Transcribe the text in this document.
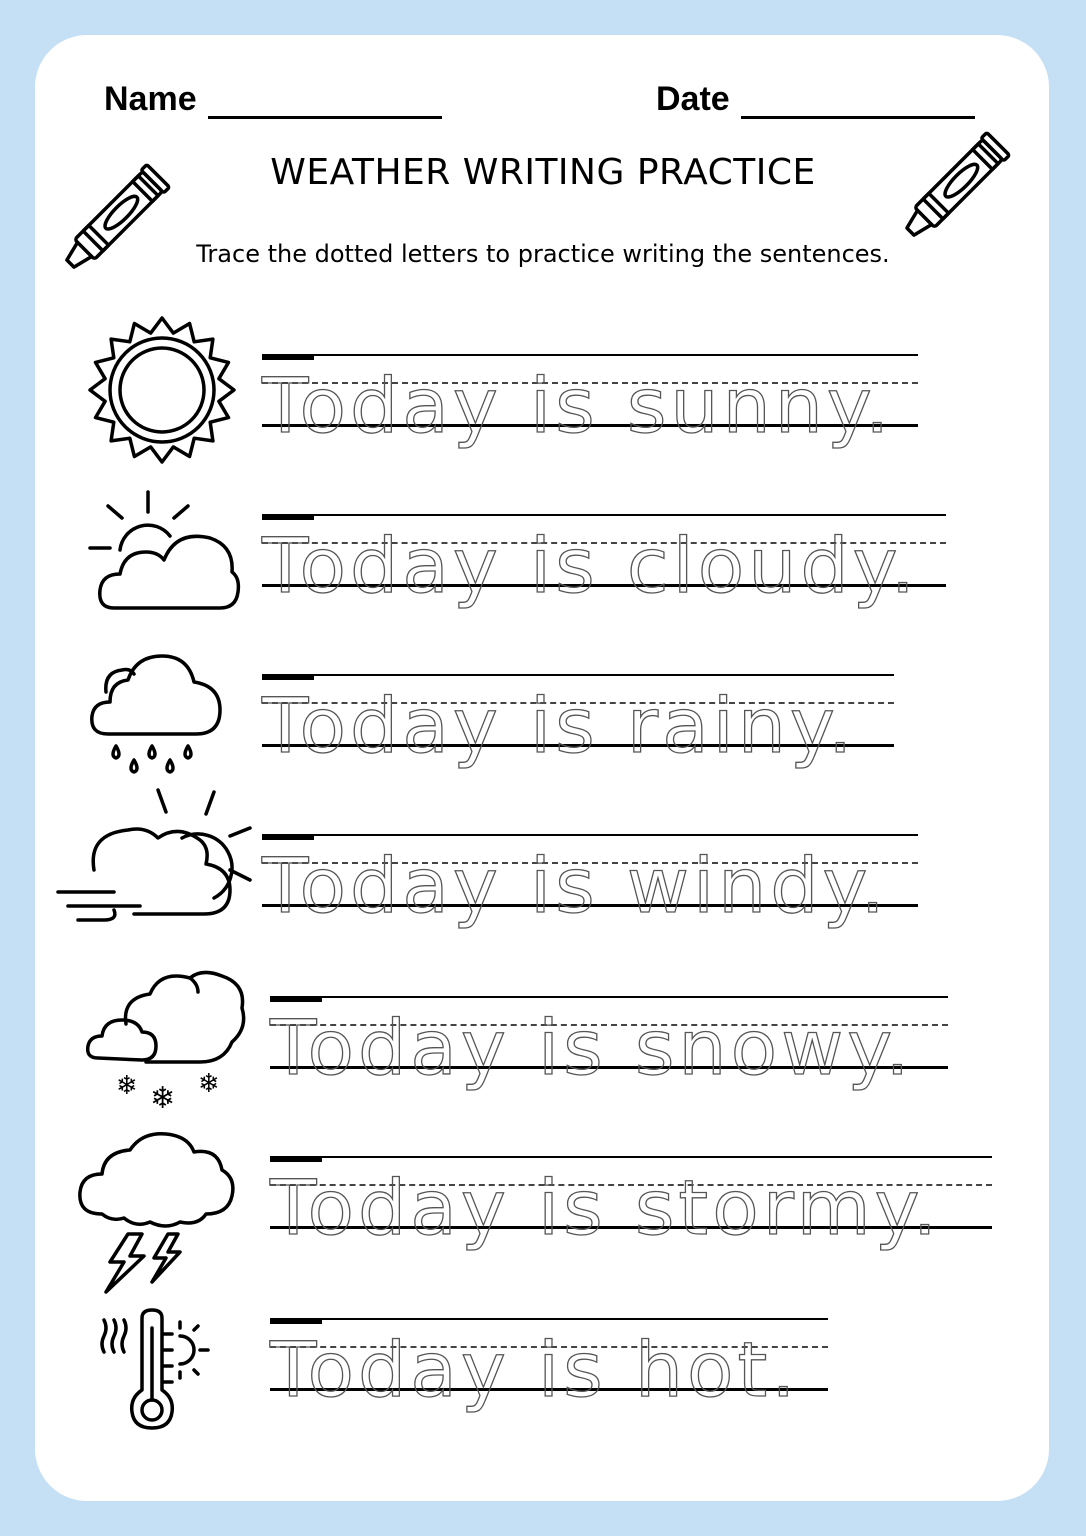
Name	Date
WEATHER WRITING PRACTICE
Trace the dotted letters to practice writing the sentences.
❄ ❄ ❄
Today is sunny.
Today is cloudy.
Today is rainy.
Today is windy.
Today is snowy.
Today is stormy.
Today is hot.
